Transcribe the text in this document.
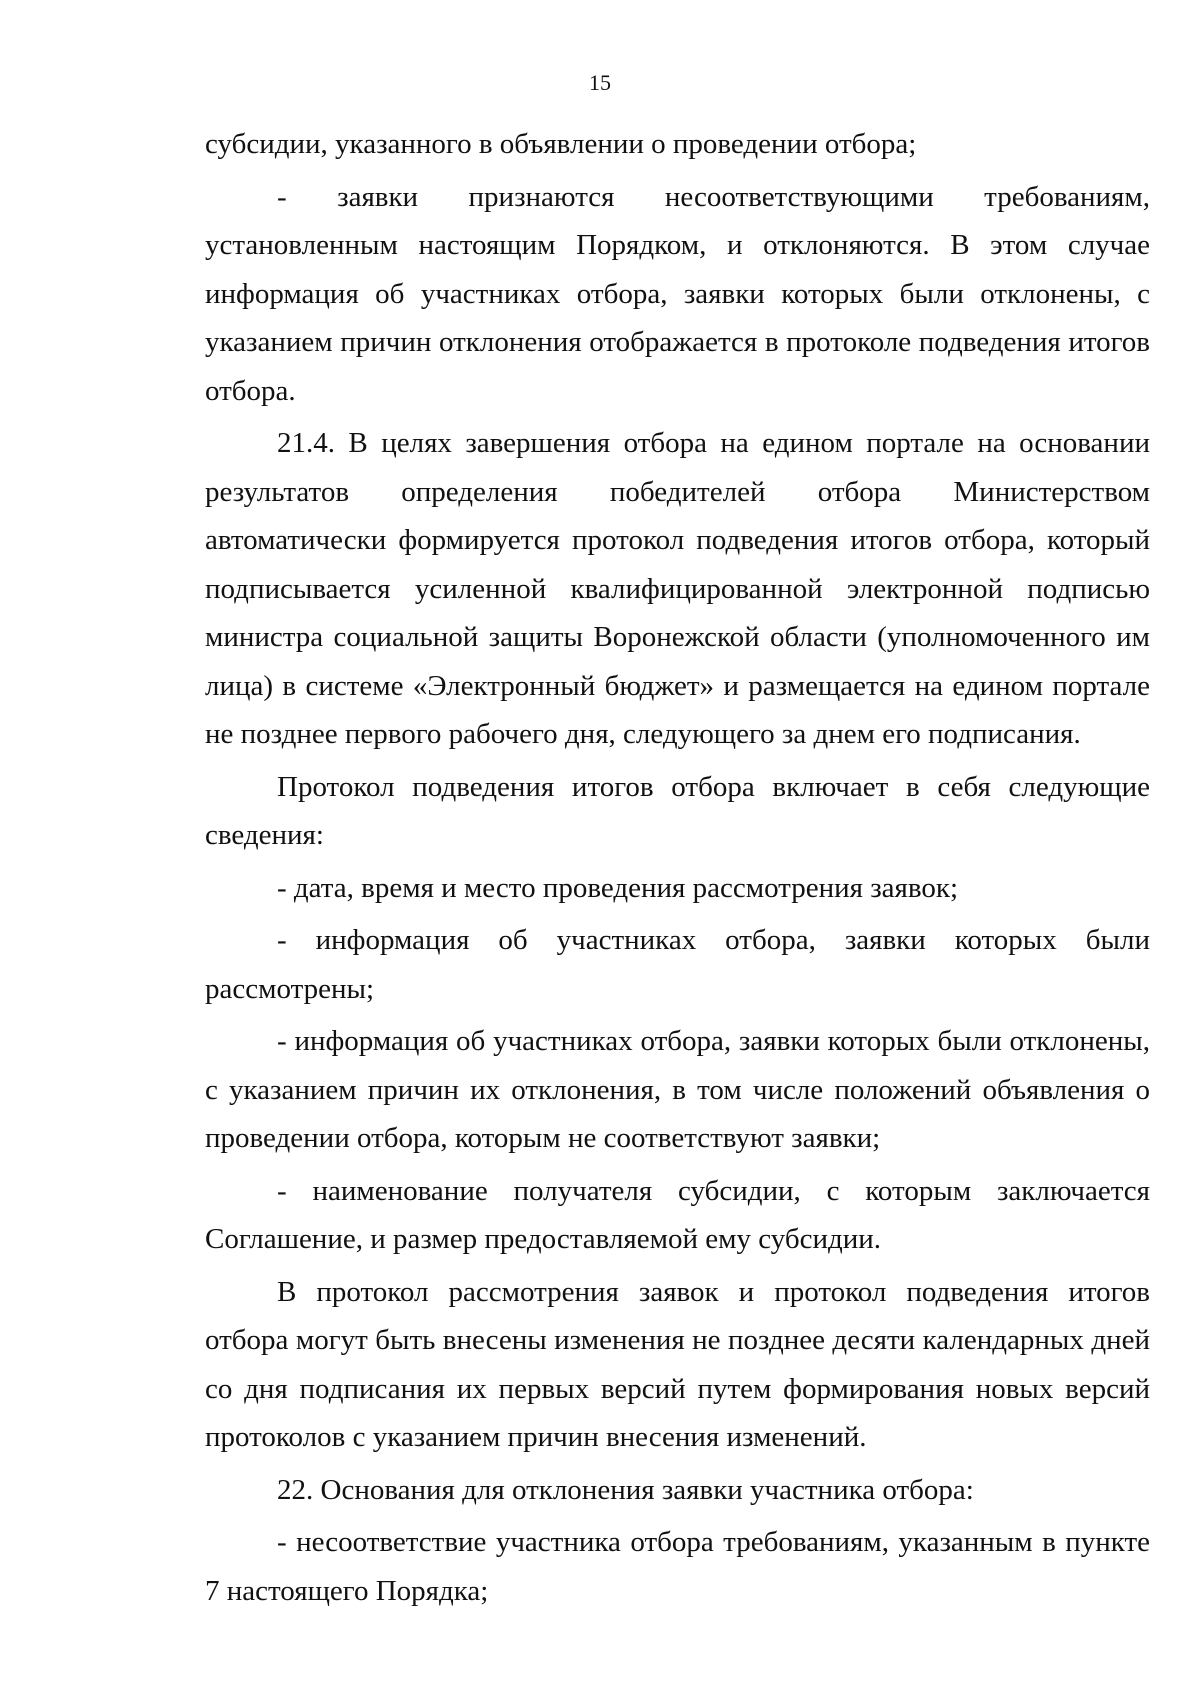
15

субсидии, указанного в объявлении о проведении отбора;

- заявки признаются несоответствующими требованиям, установленным настоящим Порядком, и отклоняются. В этом случае информация об участниках отбора, заявки которых были отклонены, с указанием причин отклонения отображается в протоколе подведения итогов отбора.

21.4. В целях завершения отбора на едином портале на основании результатов определения победителей отбора Министерством автоматически формируется протокол подведения итогов отбора, который подписывается усиленной квалифицированной электронной подписью министра социальной защиты Воронежской области (уполномоченного им лица) в системе «Электронный бюджет» и размещается на едином портале не позднее первого рабочего дня, следующего за днем его подписания.

Протокол подведения итогов отбора включает в себя следующие сведения:

- дата, время и место проведения рассмотрения заявок;

- информация об участниках отбора, заявки которых были рассмотрены;

- информация об участниках отбора, заявки которых были отклонены, с указанием причин их отклонения, в том числе положений объявления о проведении отбора, которым не соответствуют заявки;

- наименование получателя субсидии, с которым заключается Соглашение, и размер предоставляемой ему субсидии.

В протокол рассмотрения заявок и протокол подведения итогов отбора могут быть внесены изменения не позднее десяти календарных дней со дня подписания их первых версий путем формирования новых версий протоколов с указанием причин внесения изменений.

22. Основания для отклонения заявки участника отбора:

- несоответствие участника отбора требованиям, указанным в пункте 7 настоящего Порядка;
